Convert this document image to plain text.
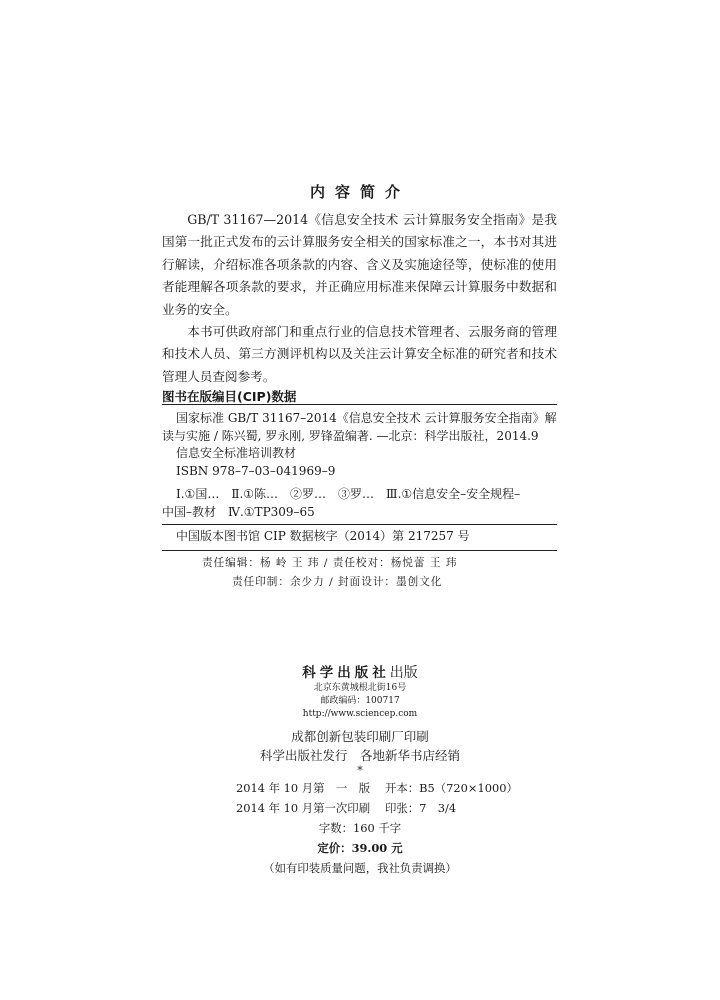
内容简介

GB/T 31167—2014《信息安全技术 云计算服务安全指南》是我国第一批正式发布的云计算服务安全相关的国家标准之一，本书对其进行解读，介绍标准各项条款的内容、含义及实施途径等，使标准的使用者能理解各项条款的要求，并正确应用标准来保障云计算服务中数据和业务的安全。

本书可供政府部门和重点行业的信息技术管理者、云服务商的管理和技术人员、第三方测评机构以及关注云计算安全标准的研究者和技术管理人员查阅参考。

图书在版编目(CIP)数据
国家标准 GB/T 31167–2014《信息安全技术 云计算服务安全指南》解
读与实施 / 陈兴蜀, 罗永刚, 罗锋盈编著. —北京：科学出版社，2014.9
信息安全标准培训教材
ISBN 978–7–03–041969–9
Ⅰ.①国…　Ⅱ.①陈…　②罗…　③罗…　Ⅲ.①信息安全–安全规程–
中国–教材　Ⅳ.①TP309–65
中国版本图书馆 CIP 数据核字（2014）第 217257 号
责任编辑：杨 岭 王 玮 / 责任校对：杨悦蕾 王 玮
责任印制：余少力 / 封面设计：墨创文化
科学出版社出版
北京东黄城根北街16号
邮政编码：100717
http://www.sciencep.com
成都创新包装印刷厂印刷
科学出版社发行　各地新华书店经销
*
2014 年 10 月第　一　版 开本：B5（720×1000）
2014 年 10 月第一次印刷 印张：7　3/4
字数：160 千字
定价：39.00 元
（如有印装质量问题，我社负责调换）
